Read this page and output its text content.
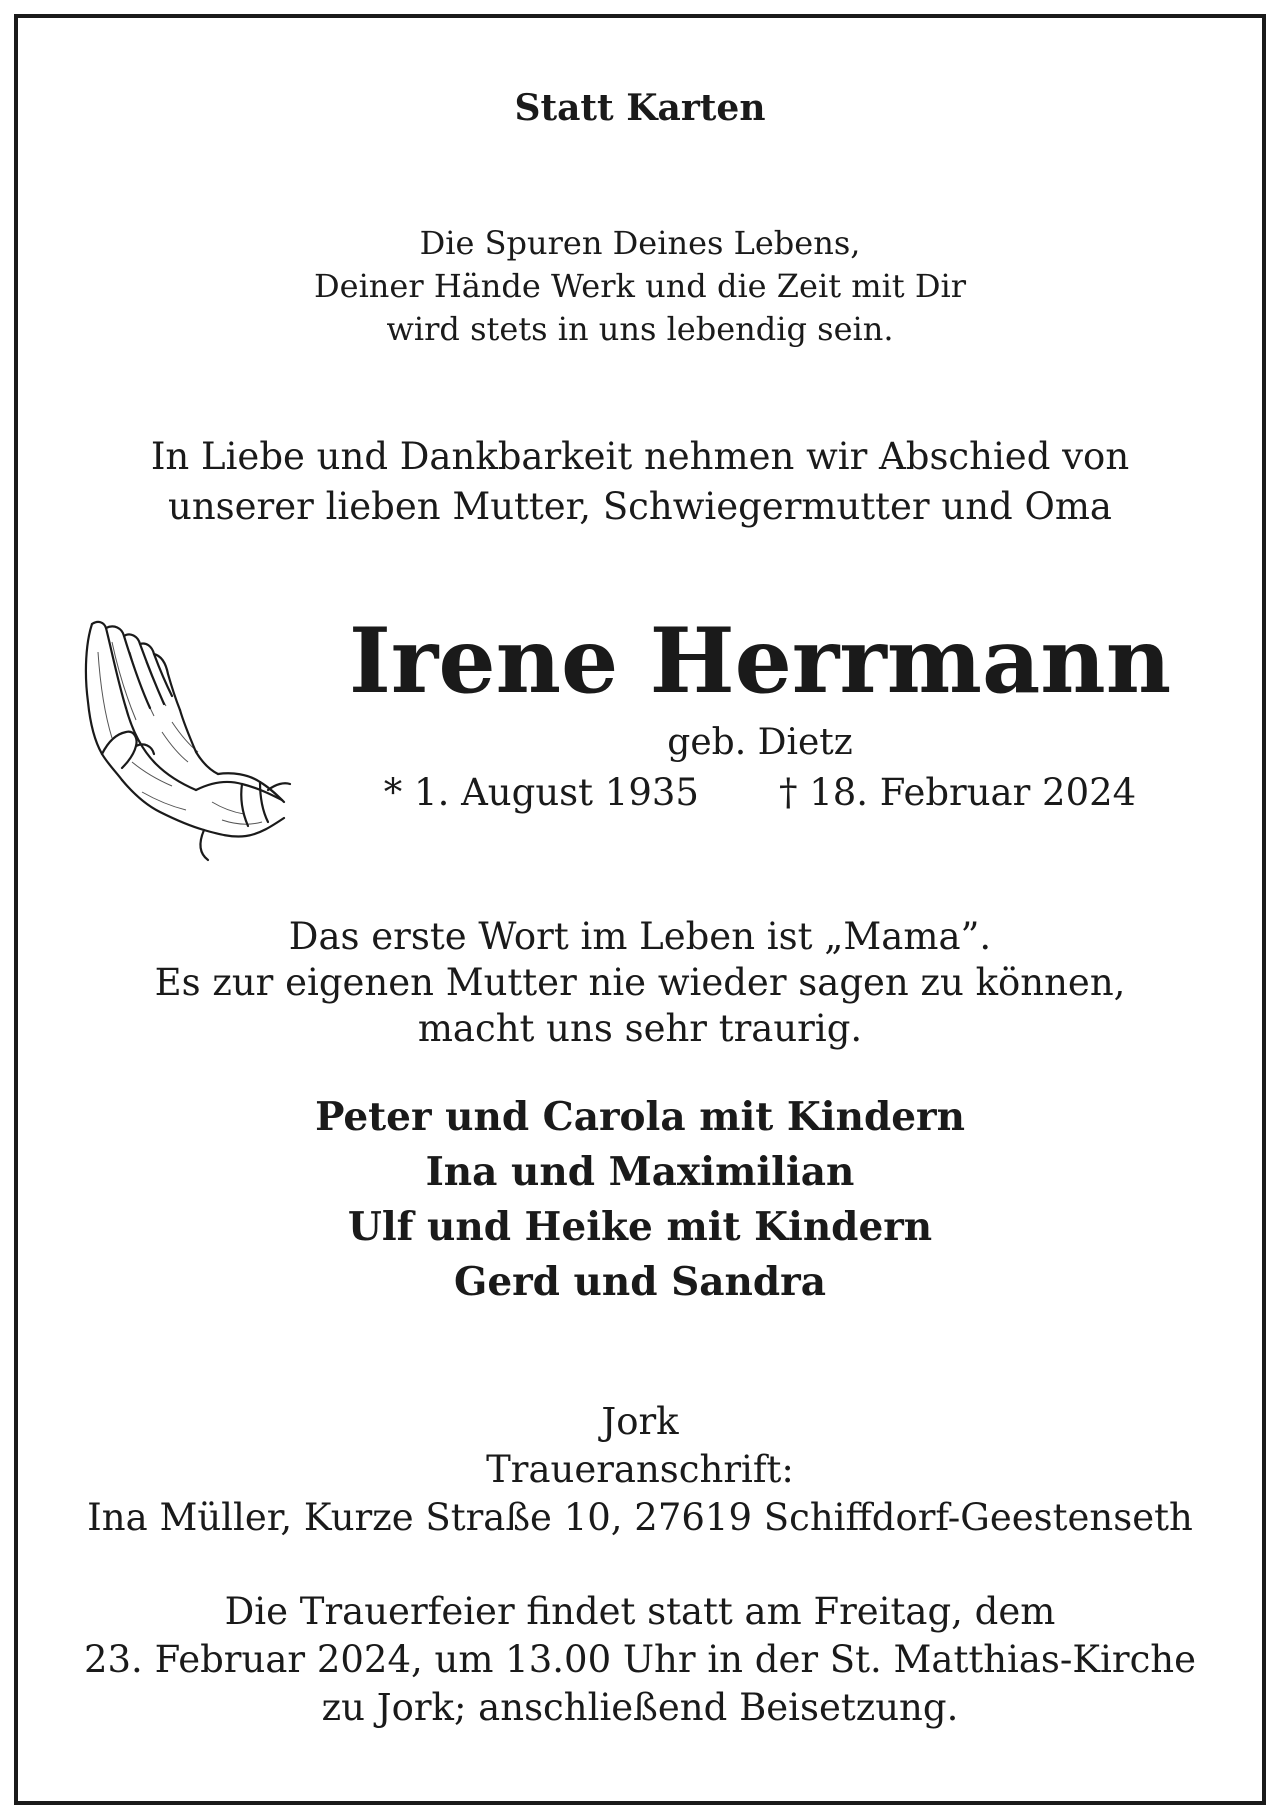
Statt Karten
Die Spuren Deines Lebens,
Deiner Hände Werk und die Zeit mit Dir
wird stets in uns lebendig sein.
In Liebe und Dankbarkeit nehmen wir Abschied von
unserer lieben Mutter, Schwiegermutter und Oma
Irene Herrmann
geb. Dietz
* 1. August 1935 † 18. Februar 2024
Das erste Wort im Leben ist „Mama”.
Es zur eigenen Mutter nie wieder sagen zu können,
macht uns sehr traurig.
Peter und Carola mit Kindern
Ina und Maximilian
Ulf und Heike mit Kindern
Gerd und Sandra
Jork
Traueranschrift:
Ina Müller, Kurze Straße 10, 27619 Schiffdorf-Geestenseth
Die Trauerfeier findet statt am Freitag, dem
23. Februar 2024, um 13.00 Uhr in der St. Matthias-Kirche
zu Jork; anschließend Beisetzung.
